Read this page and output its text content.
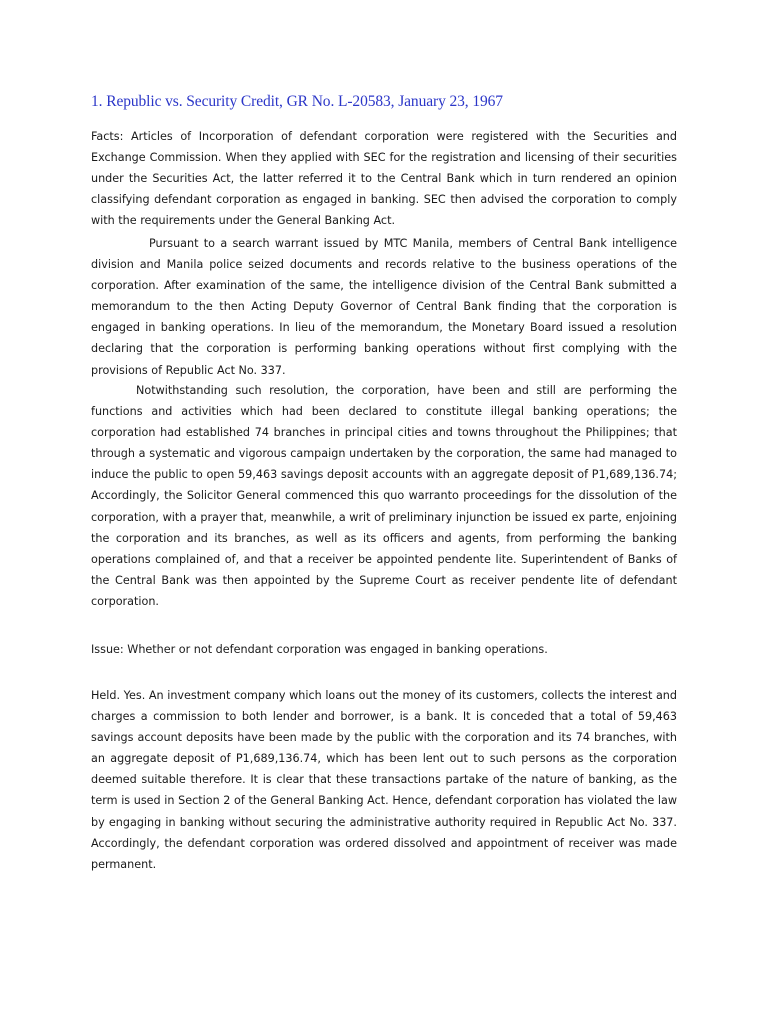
1. Republic vs. Security Credit, GR No. L-20583, January 23, 1967

Facts: Articles of Incorporation of defendant corporation were registered with the Securities and Exchange Commission. When they applied with SEC for the registration and licensing of their securities under the Securities Act, the latter referred it to the Central Bank which in turn rendered an opinion classifying defendant corporation as engaged in banking. SEC then advised the corporation to comply with the requirements under the General Banking Act.

Pursuant to a search warrant issued by MTC Manila, members of Central Bank intelligence division and Manila police seized documents and records relative to the business operations of the corporation. After examination of the same, the intelligence division of the Central Bank submitted a memorandum to the then Acting Deputy Governor of Central Bank finding that the corporation is engaged in banking operations. In lieu of the memorandum, the Monetary Board issued a resolution declaring that the corporation is performing banking operations without first complying with the provisions of Republic Act No. 337.

Notwithstanding such resolution, the corporation, have been and still are performing the functions and activities which had been declared to constitute illegal banking operations; the corporation had established 74 branches in principal cities and towns throughout the Philippines; that through a systematic and vigorous campaign undertaken by the corporation, the same had managed to induce the public to open 59,463 savings deposit accounts with an aggregate deposit of P1,689,136.74; Accordingly, the Solicitor General commenced this quo warranto proceedings for the dissolution of the corporation, with a prayer that, meanwhile, a writ of preliminary injunction be issued ex parte, enjoining the corporation and its branches, as well as its officers and agents, from performing the banking operations complained of, and that a receiver be appointed pendente lite. Superintendent of Banks of the Central Bank was then appointed by the Supreme Court as receiver pendente lite of defendant corporation.

Issue: Whether or not defendant corporation was engaged in banking operations.

Held. Yes. An investment company which loans out the money of its customers, collects the interest and charges a commission to both lender and borrower, is a bank. It is conceded that a total of 59,463 savings account deposits have been made by the public with the corporation and its 74 branches, with an aggregate deposit of P1,689,136.74, which has been lent out to such persons as the corporation deemed suitable therefore. It is clear that these transactions partake of the nature of banking, as the term is used in Section 2 of the General Banking Act. Hence, defendant corporation has violated the law by engaging in banking without securing the administrative authority required in Republic Act No. 337. Accordingly, the defendant corporation was ordered dissolved and appointment of receiver was made permanent.
